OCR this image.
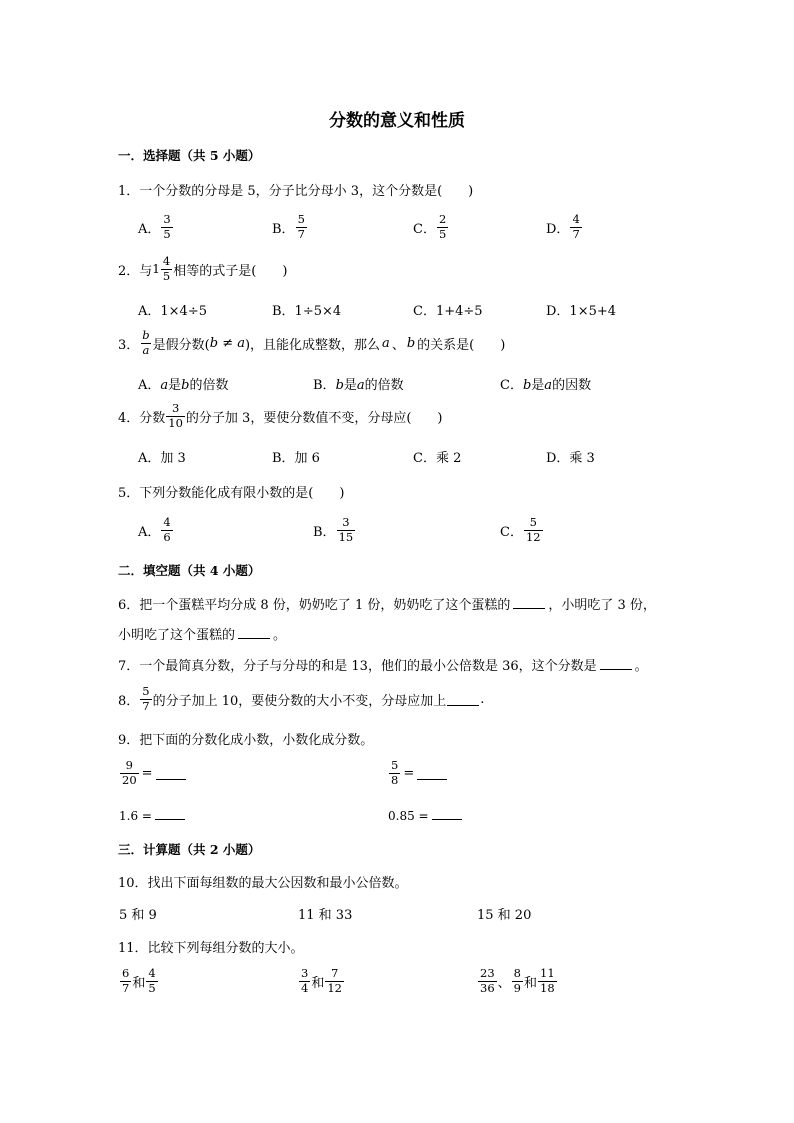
分数的意义和性质
一．选择题（共 5 小题）
1．一个分数的分母是 5，分子比分母小 3，这个分数是(　　)
A． $\frac{3}{5}$	B． $\frac{5}{7}$	C． $\frac{2}{5}$	D． $\frac{4}{7}$
2．与 $1 \frac{4}{5}$ 相等的式子是(　　)
A．1×4÷5	B．1÷5×4	C．1+4÷5	D．1×5+4
3． $\frac{b}{a}$ 是假分数( b ≠ a )，且能化成整数，那么 a 、 b 的关系是(　　)
A．a是b的倍数	B．b是a的倍数	C．b是a的因数
4．分数 $\frac{3}{10}$ 的分子加 3，要使分数值不变，分母应(　　)
A．加 3	B．加 6	C．乘 2	D．乘 3
5．下列分数能化成有限小数的是(　　)
A． $\frac{4}{6}$	B． $\frac{3}{15}$	C． $\frac{5}{12}$
二．填空题（共 4 小题）
6．把一个蛋糕平均分成 8 份，奶奶吃了 1 份，奶奶吃了这个蛋糕的	，小明吃了 3 份，
小明吃了这个蛋糕的	。
7．一个最简真分数，分子与分母的和是 13，他们的最小公倍数是 36，这个分数是	。
8． $\frac{5}{7}$ 的分子加上 10，要使分数的大小不变，分母应加上	.
9．把下面的分数化成小数，小数化成分数。
$\frac{9}{20}$ =	$\frac{5}{8}$ =
1.6 =	0.85 =
三．计算题（共 2 小题）
10．找出下面每组数的最大公因数和最小公倍数。
5 和 9	11 和 33	15 和 20
11．比较下列每组分数的大小。
$\frac{6}{7}$ 和 $\frac{4}{5}$	$\frac{3}{4}$ 和 $\frac{7}{12}$	$\frac{23}{36}$ 、 $\frac{8}{9}$ 和 $\frac{11}{18}$
